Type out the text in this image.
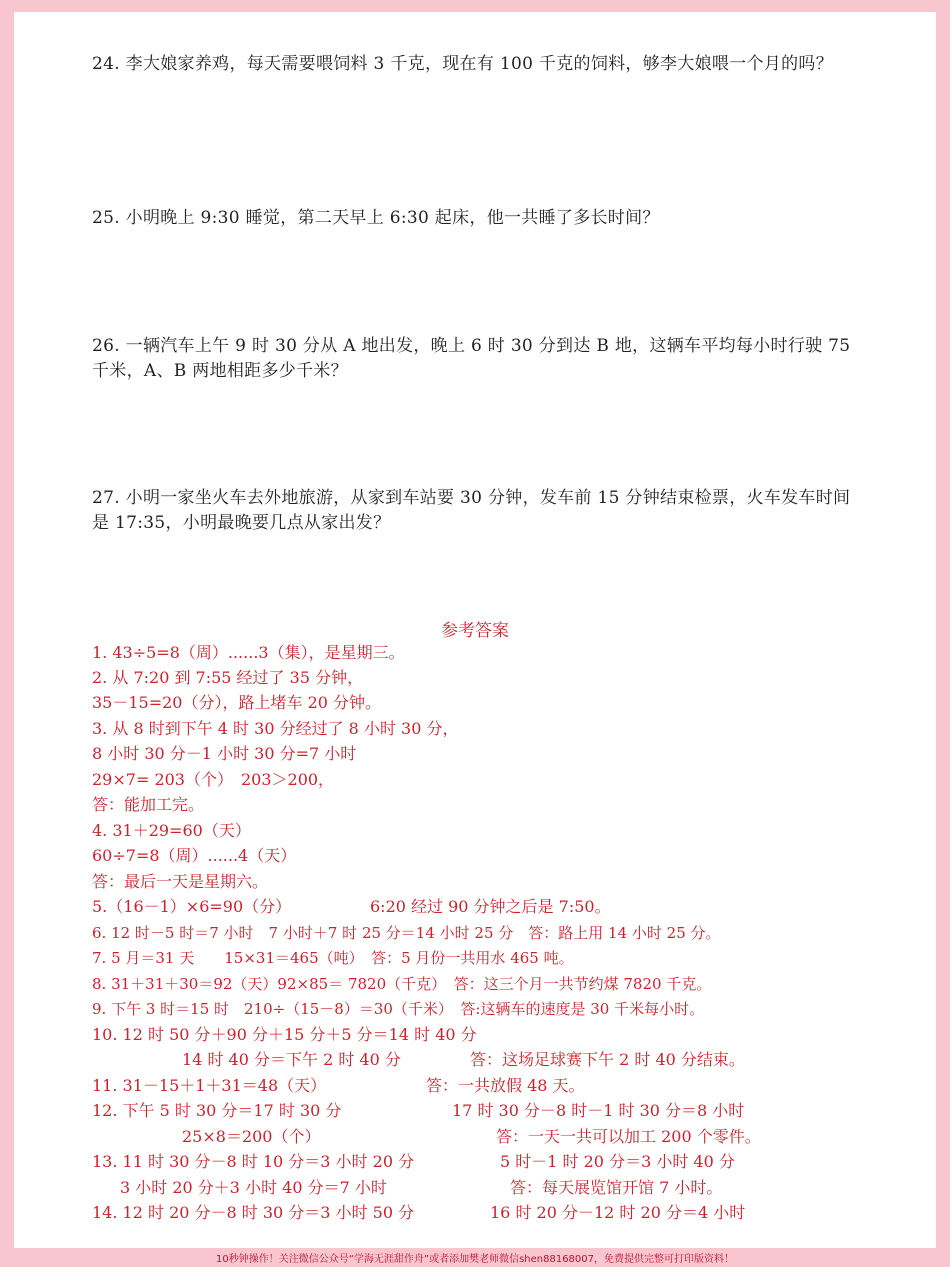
24. 李大娘家养鸡，每天需要喂饲料 3 千克，现在有 100 千克的饲料，够李大娘喂一个月的吗？
25. 小明晚上 9:30 睡觉，第二天早上 6:30 起床，他一共睡了多长时间？
26. 一辆汽车上午 9 时 30 分从 A 地出发，晚上 6 时 30 分到达 B 地，这辆车平均每小时行驶 75 千米，A、B 两地相距多少千米？
27. 小明一家坐火车去外地旅游，从家到车站要 30 分钟，发车前 15 分钟结束检票，火车发车时间是 17:35，小明最晚要几点从家出发？
参考答案
1. 43÷5=8（周）......3（集），是星期三。
2. 从 7:20 到 7:55 经过了 35 分钟，
35－15=20（分），路上堵车 20 分钟。
3. 从 8 时到下午 4 时 30 分经过了 8 小时 30 分，
8 小时 30 分－1 小时 30 分=7 小时
29×7= 203（个）　203＞200，
答：能加工完。
4. 31＋29=60（天）
60÷7=8（周）......4（天）
答：最后一天是星期六。
5.（16－1）×6=90（分）	6:20 经过 90 分钟之后是 7:50。
6. 12 时－5 时＝7 小时　7 小时＋7 时 25 分＝14 小时 25 分　答：路上用 14 小时 25 分。
7. 5 月＝31 天　　15×31＝465（吨）　答：5 月份一共用水 465 吨。
8. 31＋31＋30＝92（天）92×85＝ 7820（千克）　答：这三个月一共节约煤 7820 千克。
9. 下午 3 时＝15 时　210÷（15－8）＝30（千米）　答:这辆车的速度是 30 千米每小时。
10. 12 时 50 分＋90 分＋15 分＋5 分＝14 时 40 分
14 时 40 分＝下午 2 时 40 分	答：这场足球赛下午 2 时 40 分结束。
11. 31－15＋1＋31＝48（天）	答：一共放假 48 天。
12. 下午 5 时 30 分＝17 时 30 分	17 时 30 分－8 时－1 时 30 分＝8 小时
25×8＝200（个）	答：一天一共可以加工 200 个零件。
13. 11 时 30 分－8 时 10 分＝3 小时 20 分	5 时－1 时 20 分＝3 小时 40 分
3 小时 20 分＋3 小时 40 分＝7 小时	答：每天展览馆开馆 7 小时。
14. 12 时 20 分－8 时 30 分＝3 小时 50 分	16 时 20 分－12 时 20 分＝4 小时
10秒钟操作！关注微信公众号“学海无涯甜作舟”或者添加樊老师微信shen88168007，免费提供完整可打印版资料！
